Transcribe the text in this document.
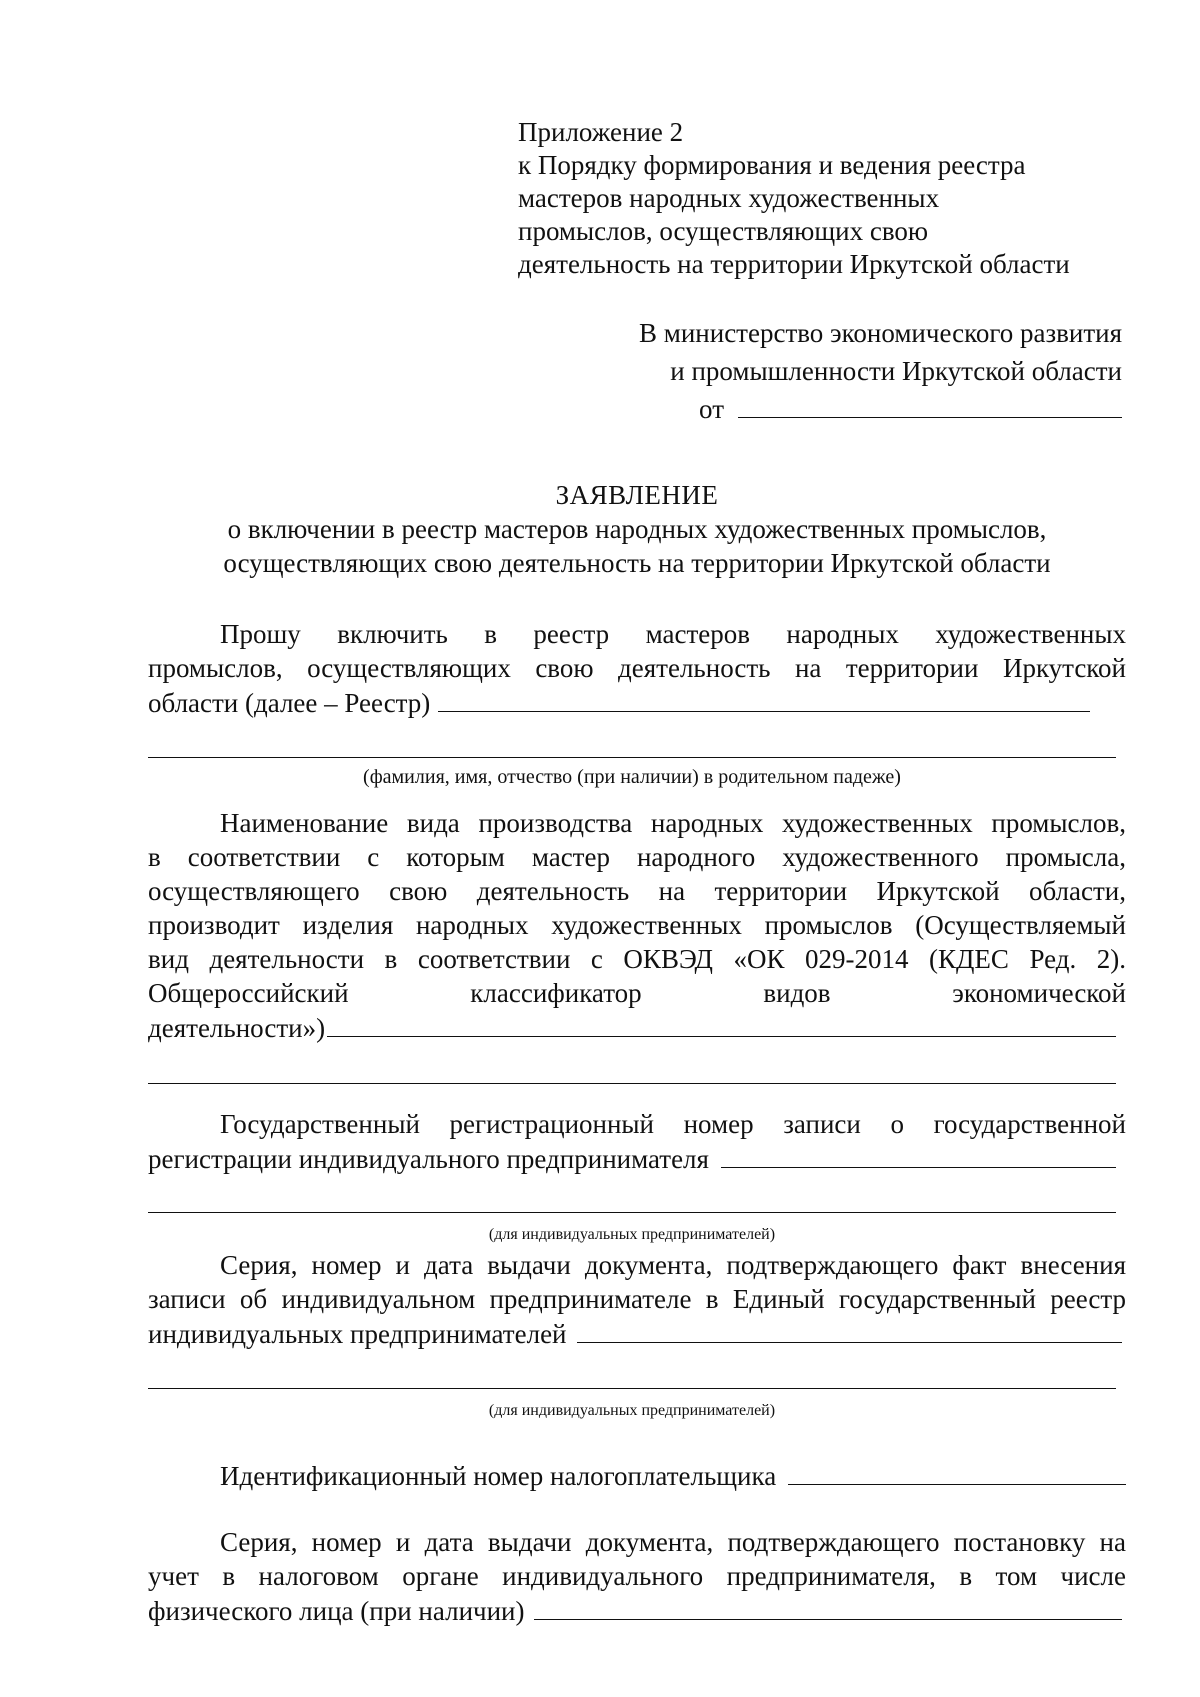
Приложение 2
к Порядку формирования и ведения реестра
мастеров народных художественных
промыслов, осуществляющих свою
деятельность на территории Иркутской области
В министерство экономического развития
и промышленности Иркутской области
от
ЗАЯВЛЕНИЕ
о включении в реестр мастеров народных художественных промыслов,
осуществляющих свою деятельность на территории Иркутской области
Прошу включить в реестр мастеров народных художественных
промыслов, осуществляющих свою деятельность на территории Иркутской
области (далее – Реестр)
(фамилия, имя, отчество (при наличии) в родительном падеже)
Наименование вида производства народных художественных промыслов,
в соответствии с которым мастер народного художественного промысла,
осуществляющего свою деятельность на территории Иркутской области,
производит изделия народных художественных промыслов (Осуществляемый
вид деятельности в соответствии с ОКВЭД «ОК 029-2014 (КДЕС Ред. 2).
Общероссийский классификатор видов экономической
деятельности»)
Государственный регистрационный номер записи о государственной
регистрации индивидуального предпринимателя
(для индивидуальных предпринимателей)
Серия, номер и дата выдачи документа, подтверждающего факт внесения
записи об индивидуальном предпринимателе в Единый государственный реестр
индивидуальных предпринимателей
(для индивидуальных предпринимателей)
Идентификационный номер налогоплательщика
Серия, номер и дата выдачи документа, подтверждающего постановку на
учет в налоговом органе индивидуального предпринимателя, в том числе
физического лица (при наличии)
